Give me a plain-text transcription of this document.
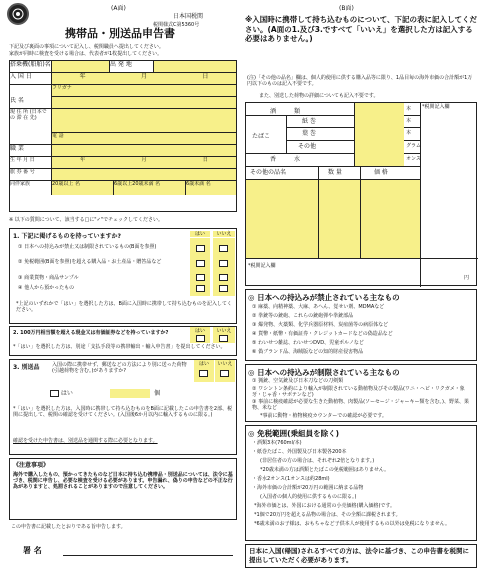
(A面)
日本国税関
税関様式C第5360号
携帯品・別送品申告書
下記及び裏面の事項について記入し、税関職員へ提出してください。
家族が同時に検査を受ける場合は、代表者が1枚提出してください。
搭乗機(船舶)名	出 発 地
入 国 日	年	月	日
フリガナ
氏 名
現 住 所 (日本での 滞 在 先)
電 話
職 業
生 年 月 日	年	月	日
旅 券 番 号
同伴家族	20歳以上 名	6歳以上20歳未満 名	6歳未満 名
※ 以下の質問について、該当する□に"✓"でチェックしてください。
1. 下記に掲げるものを持っていますか?	はい	いいえ
① 日本への持込みが禁止又は制限されているもの(B面を参照)
② 免税範囲(B面を参照)を超える購入品・お土産品・贈答品など
③ 商業貨物・商品サンプル
④ 他人から預かったもの
*上記のいずれかで「はい」を選択した方は、B面に入国時に携帯して持ち込むものを記入してください。
2. 100万円相当額を超える現金又は有価証券などを持っていますか?	はい	いいえ
*「はい」を選択した方は、別途「支払手段等の携帯輸出・輸入申告書」を提出してください。
3. 別送品 入国の際に携帯せず、郵送などの方法により別に送った荷物(引越荷物を含む。)がありますか?
はい	いいえ
はい	個
*「はい」を選択した方は、入国時に携帯して持ち込むものをB面に記載したこの申告書を2部、税関に提出して、税関の確認を受けてください。(入国後6か月以内に輸入するものに限る。)
確認を受けた申告書は、別送品を通関する際に必要となります。
《注意事項》
海外で購入したもの、預かってきたものなど日本に持ち込む携帯品・別送品については、法令に基づき、税関に申告し、必要な検査を受ける必要があります。申告漏れ、偽りの申告などの不正な行為がありますと、処罰されることがありますので注意してください。
この申告書に記載したとおりである旨申告します。
署 名
(B面)
※入国時に携帯して持ち込むものについて、下記の表に記入してください。(A面の1.及び3.ですべて「いいえ」を選択した方は記入する必要はありません。)
(注)「その他の品名」欄は、個人的使用に供する購入品等に限り、1品目毎の海外市価の合計額が1万円以下のものは記入不要です。
また、別送した荷物の詳細についても記入不要です。
*税関記入欄
酒　　　	類	本
たばこ
紙 巻	本
葉 巻	本
その他	グラム
香　　　	水	オンス
その他の品名	数 量	価 格
*税関記入欄
円
◎ 日本への持込みが禁止されている主なもの
① 麻薬、向精神薬、大麻、あへん、覚せい剤、MDMAなど
② 拳銃等の銃砲、これらの銃砲弾や拳銃部品
③ 爆発物、火薬類、化学兵器原材料、炭疽菌等の病原体など
④ 貨幣・紙幣・有価証券・クレジットカードなどの偽造品など
⑤ わいせつ雑誌、わいせつDVD、児童ポルノなど
⑥ 偽ブランド品、海賊版などの知的財産侵害物品
◎ 日本への持込みが制限されている主なもの
① 猟銃、空気銃及び日本刀などの刀剣類
② ワシントン条約により輸入が制限されている動植物及びその製品(ワニ・ヘビ・リクガメ・象牙・じゃ香・サボテンなど)
③ 事前に検疫確認が必要な生きた動植物、肉製品(ソーセージ・ジャーキー類を含む。)、野菜、果物、米など
*事前に動物・植物検疫カウンターでの確認が必要です。
◎ 免税範囲(乗組員を除く)
・酒類3本(760ml/本)
・紙巻たばこ、外国製及び日本製各200本
(非居住者の方の場合は、それぞれ2倍となります。)
*20歳未満の方は酒類とたばこの免税範囲はありません。
・香水2オンス(1オンスは約28ml)
・海外市価の合計額が20万円の範囲に納まる品物
(入国者の個人的使用に供するものに限る。)
*海外市価とは、外国における通常の小売価格(購入価格)です。
*1個で20万円を超える品物の場合は、その全額に課税されます。
*6歳未満のお子様は、おもちゃなど子供本人が使用するもの以外は免税になりません。
日本に入国(帰国)されるすべての方は、法令に基づき、この申告書を税関に提出していただく必要があります。
